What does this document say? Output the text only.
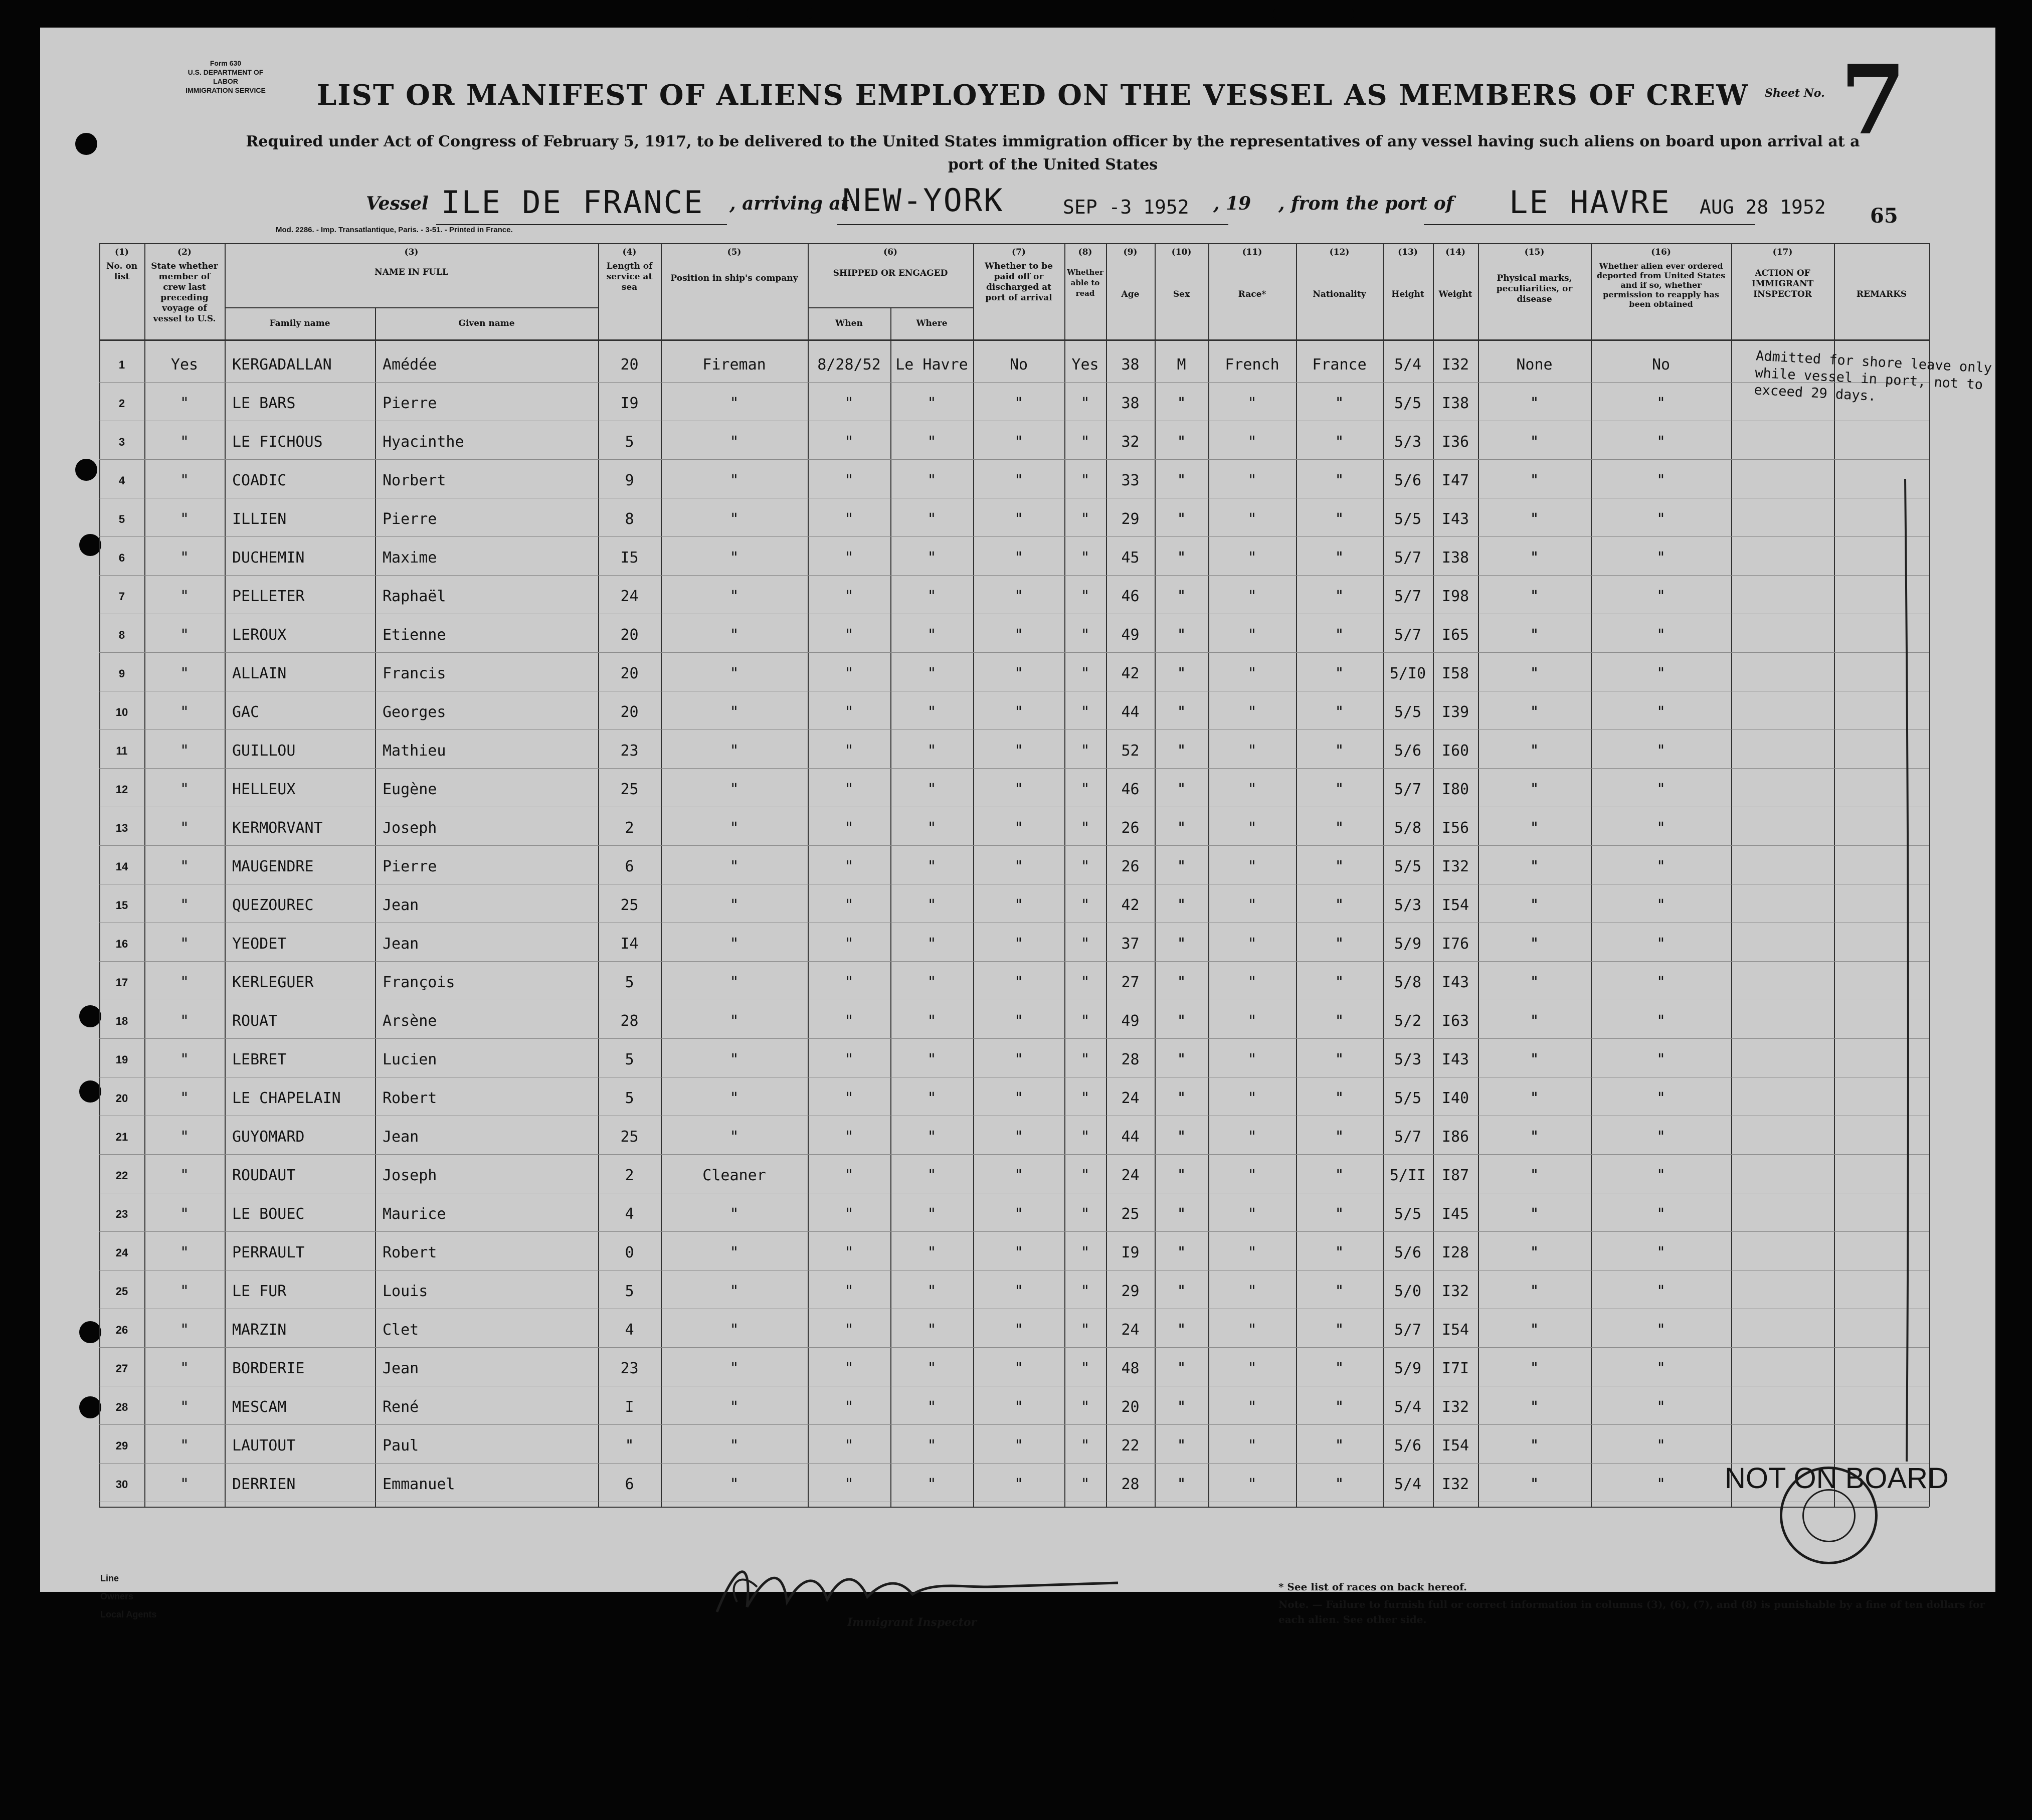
Form 630
U.S. DEPARTMENT OF LABOR
IMMIGRATION SERVICE	LIST OR MANIFEST OF ALIENS EMPLOYED ON THE VESSEL AS MEMBERS OF CREW	Sheet No. 7
Required under Act of Congress of February 5, 1917, to be delivered to the United States immigration officer by the representatives of any vessel having such aliens on board upon arrival at a port of the United States
Vessel ILE DE FRANCE , arriving at
NEW-YORK	SEP -3 1952 , 19 , from the port of LE HAVRE AUG 28 1952 65
Mod. 2286. - Imp. Transatlantique, Paris. - 3-51. - Printed in France.
(1)
No. on list
(2)
State whether member of crew last preceding voyage of vessel to U.S.
(3)
NAME IN FULL
Family name	Given name
(4)
Length of service at sea
(5)
Position in ship's company
(6)
SHIPPED OR ENGAGED
When	Where
(7)
Whether to be paid off or discharged at port of arrival
(8)
Whether able to read
(9)
Age
(10)
Sex
(11)
Race*
(12)
Nationality
(13)
Height
(14)
Weight
(15)
Physical marks, peculiarities, or disease
(16)
Whether alien ever ordered deported from United States and if so, whether permission to reapply has been obtained
(17)
ACTION OF IMMIGRANT INSPECTOR	REMARKS
1	Yes	KERGADALLAN	Amédée	20	Fireman	8/28/52 Le Havre	No	Yes	38	M	French	France	5/4	I32	None	No
2	"	LE BARS	Pierre	I9	"	"	"	"	"	38	"	"	"	5/5	I38	"	"
3	"	LE FICHOUS	Hyacinthe	5	"	"	"	"	"	32	"	"	"	5/3	I36	"	"
4	"	COADIC	Norbert	9	"	"	"	"	"	33	"	"	"	5/6	I47	"	"
5	"	ILLIEN	Pierre	8	"	"	"	"	"	29	"	"	"	5/5	I43	"	"
6	"	DUCHEMIN	Maxime	I5	"	"	"	"	"	45	"	"	"	5/7	I38	"	"
7	"	PELLETER	Raphaël	24	"	"	"	"	"	46	"	"	"	5/7	I98	"	"
8	"	LEROUX	Etienne	20	"	"	"	"	"	49	"	"	"	5/7	I65	"	"
9	"	ALLAIN	Francis	20	"	"	"	"	"	42	"	"	"	5/I0	I58	"	"
10	"	GAC	Georges	20	"	"	"	"	"	44	"	"	"	5/5	I39	"	"
11	"	GUILLOU	Mathieu	23	"	"	"	"	"	52	"	"	"	5/6	I60	"	"
12	"	HELLEUX	Eugène	25	"	"	"	"	"	46	"	"	"	5/7	I80	"	"
13	"	KERMORVANT	Joseph	2	"	"	"	"	"	26	"	"	"	5/8	I56	"	"
14	"	MAUGENDRE	Pierre	6	"	"	"	"	"	26	"	"	"	5/5	I32	"	"
15	"	QUEZOUREC	Jean	25	"	"	"	"	"	42	"	"	"	5/3	I54	"	"
16	"	YEODET	Jean	I4	"	"	"	"	"	37	"	"	"	5/9	I76	"	"
17	"	KERLEGUER	François	5	"	"	"	"	"	27	"	"	"	5/8	I43	"	"
18	"	ROUAT	Arsène	28	"	"	"	"	"	49	"	"	"	5/2	I63	"	"
19	"	LEBRET	Lucien	5	"	"	"	"	"	28	"	"	"	5/3	I43	"	"
20	"	LE CHAPELAIN	Robert	5	"	"	"	"	"	24	"	"	"	5/5	I40	"	"
21	"	GUYOMARD	Jean	25	"	"	"	"	"	44	"	"	"	5/7	I86	"	"
22	"	ROUDAUT	Joseph	2	Cleaner	"	"	"	"	24	"	"	"	5/II	I87	"	"
23	"	LE BOUEC	Maurice	4	"	"	"	"	"	25	"	"	"	5/5	I45	"	"
24	"	PERRAULT	Robert	0	"	"	"	"	"	I9	"	"	"	5/6	I28	"	"
25	"	LE FUR	Louis	5	"	"	"	"	"	29	"	"	"	5/0	I32	"	"
26	"	MARZIN	Clet	4	"	"	"	"	"	24	"	"	"	5/7	I54	"	"
27	"	BORDERIE	Jean	23	"	"	"	"	"	48	"	"	"	5/9	I7I	"	"
28	"	MESCAM	René	I	"	"	"	"	"	20	"	"	"	5/4	I32	"	"
29	"	LAUTOUT	Paul	"	"	"	"	"	"	22	"	"	"	5/6	I54	"	"
30	"	DERRIEN	Emmanuel	6	"	"	"	"	"	28	"	"	"	5/4	I32	"	"
Admitted for shore leave only while vessel in port, not to exceed 29 days.
NOT ON BOARD
Line
Owners
Local Agents
Immigrant Inspector
* See list of races on back hereof.
Note. — Failure to furnish full or correct information in columns (3), (6), (7), and (8) is punishable by a fine of ten dollars for each alien. See other side.
